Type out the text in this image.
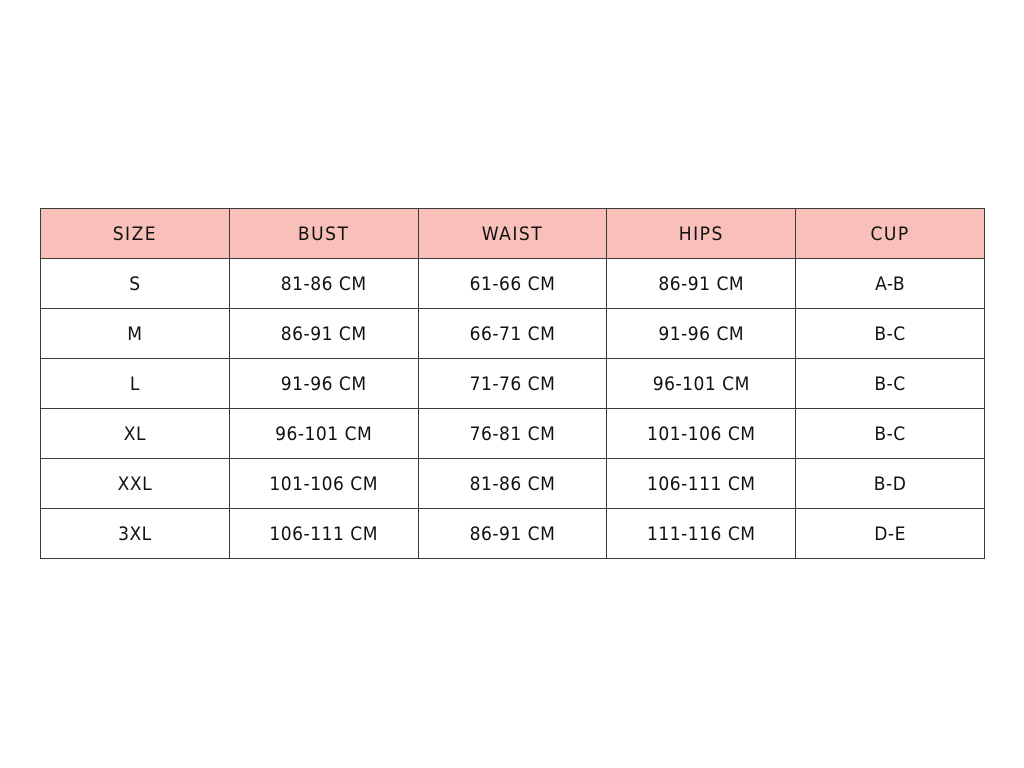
SIZE	BUST	WAIST	HIPS	CUP
S	81-86 CM	61-66 CM	86-91 CM	A-B
M	86-91 CM	66-71 CM	91-96 CM	B-C
L	91-96 CM	71-76 CM	96-101 CM	B-C
XL	96-101 CM	76-81 CM	101-106 CM	B-C
XXL	101-106 CM	81-86 CM	106-111 CM	B-D
3XL	106-111 CM	86-91 CM	111-116 CM	D-E
